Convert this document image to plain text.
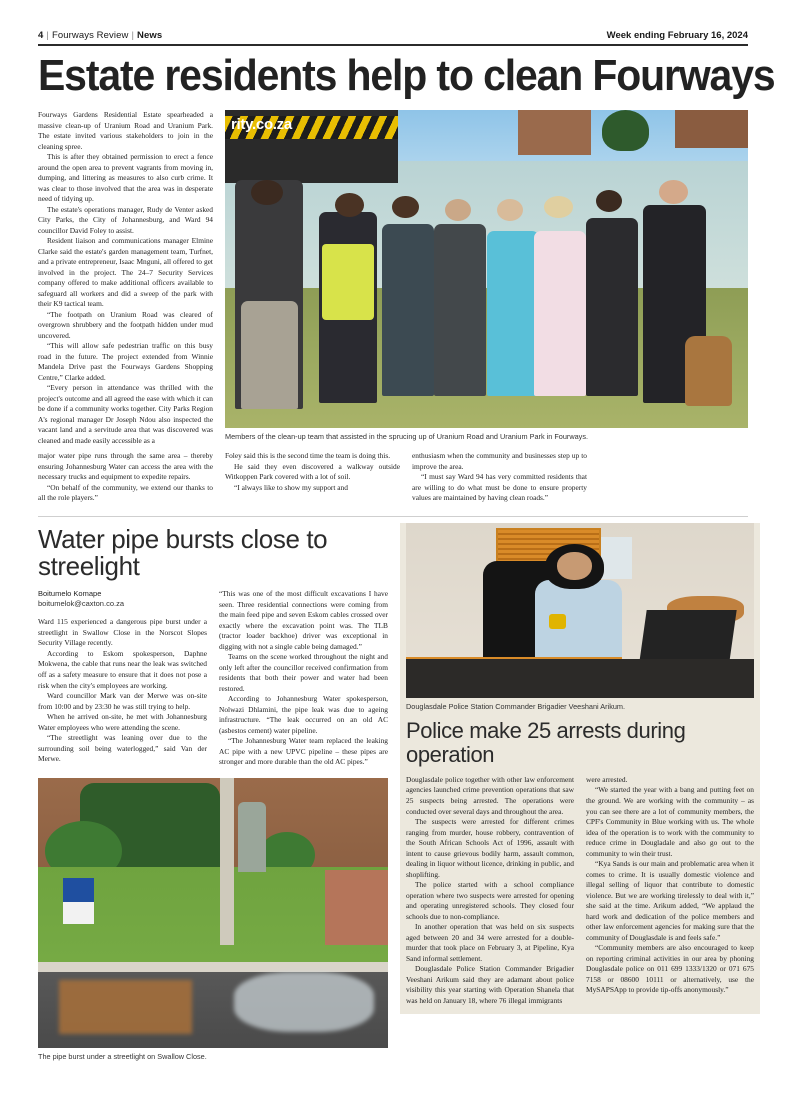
4 | Fourways Review | News	Week ending February 16, 2024
Estate residents help to clean Fourways

Fourways Gardens Residential Estate spearheaded a massive clean-up of Uranium Road and Uranium Park. The estate invited various stakeholders to join in the cleaning spree.

This is after they obtained permission to erect a fence around the open area to prevent vagrants from moving in, dumping, and littering as measures to also curb crime. It was clear to those involved that the area was in desperate need of tidying up.

The estate's operations manager, Rudy de Venter asked City Parks, the City of Johannesburg, and Ward 94 councillor David Foley to assist.

Resident liaison and communications manager Elmine Clarke said the estate's garden management team, Turfnet, and a private entrepreneur, Isaac Mnguni, all offered to get involved in the project. The 24–7 Security Services company offered to make additional officers available to safeguard all workers and did a sweep of the park with their K9 tactical team.

“The footpath on Uranium Road was cleared of overgrown shrubbery and the footpath hidden under mud uncovered.

“This will allow safe pedestrian traffic on this busy road in the future. The project extended from Winnie Mandela Drive past the Fourways Gardens Shopping Centre,” Clarke added.

“Every person in attendance was thrilled with the project's outcome and all agreed the ease with which it can be done if a community works together. City Parks Region A's regional manager Dr Joseph Ndou also inspected the vacant land and a servitude area that was discovered was cleaned and made easily accessible as a

rity.co.za
Members of the clean-up team that assisted in the sprucing up of Uranium Road and Uranium Park in Fourways.

major water pipe runs through the same area – thereby ensuring Johannesburg Water can access the area with the necessary trucks and equipment to expedite repairs.

“On behalf of the community, we extend our thanks to all the role players.”

Foley said this is the second time the team is doing this.

He said they even discovered a walkway outside Witkoppen Park covered with a lot of soil.

“I always like to show my support and

enthusiasm when the community and businesses step up to improve the area.

“I must say Ward 94 has very committed residents that are willing to do what must be done to ensure property values are maintained by having clean roads.”

Water pipe bursts close to streelight
Boitumelo Komape
boitumelok@caxton.co.za

Ward 115 experienced a dangerous pipe burst under a streetlight in Swallow Close in the Norscot Slopes Security Village recently.

According to Eskom spokesperson, Daphne Mokwena, the cable that runs near the leak was switched off as a safety measure to ensure that it does not pose a risk when the city's employees are working.

Ward councillor Mark van der Merwe was on-site from 10:00 and by 23:30 he was still trying to help.

When he arrived on-site, he met with Johannesburg Water employees who were attending the scene.

“The streetlight was leaning over due to the surrounding soil being waterlogged,” said Van der Merwe.

“This was one of the most difficult excavations I have seen. Three residential connections were coming from the main feed pipe and seven Eskom cables crossed over exactly where the excavation point was. The TLB (tractor loader backhoe) driver was exceptional in digging with not a single cable being damaged.”

Teams on the scene worked throughout the night and only left after the councillor received confirmation from residents that both their power and water had been restored.

According to Johannesburg Water spokesperson, Nolwazi Dhlamini, the pipe leak was due to ageing infrastructure. “The leak occurred on an old AC (asbestos cement) water pipeline.

“The Johannesburg Water team replaced the leaking AC pipe with a new UPVC pipeline – these pipes are stronger and more durable than the old AC pipes.”

The pipe burst under a streetlight on Swallow Close.
Douglasdale Police Station Commander Brigadier Veeshani Arikum.
Police make 25 arrests during operation

Douglasdale police together with other law enforcement agencies launched crime prevention operations that saw 25 suspects being arrested. The operations were conducted over several days and throughout the area.

The suspects were arrested for different crimes ranging from murder, house robbery, contravention of the South African Schools Act of 1996, assault with intent to cause grievous bodily harm, assault common, dealing in liquor without licence, drinking in public, and shoplifting.

The police started with a school compliance operation where two suspects were arrested for opening and operating unregistered schools. They closed four schools due to non-compliance.

In another operation that was held on six suspects aged between 20 and 34 were arrested for a double-murder that took place on February 3, at Pipeline, Kya Sand informal settlement.

Douglasdale Police Station Commander Brigadier Veeshani Arikum said they are adamant about police visibility this year starting with Operation Shanela that was held on January 18, where 76 illegal immigrants

were arrested.

“We started the year with a bang and putting feet on the ground. We are working with the community – as you can see there are a lot of community members, the CPF's Community in Blue working with us. The whole idea of the operation is to work with the community to reduce crime in Dougladale and also go out to the community to win their trust.

“Kya Sands is our main and problematic area when it comes to crime. It is usually domestic violence and illegal selling of liquor that contribute to domestic violence. But we are working tirelessly to deal with it,” she said at the time. Arikum added, “We applaud the hard work and dedication of the police members and other law enforcement agencies for making sure that the community of Douglasdale is and feels safe.”

“Community members are also encouraged to keep on reporting criminal activities in our area by phoning Douglasdale police on 011 699 1333/1320 or 071 675 7158 or 08600 10111 or alternatively, use the MySAPSApp to provide tip-offs anonymously.”
